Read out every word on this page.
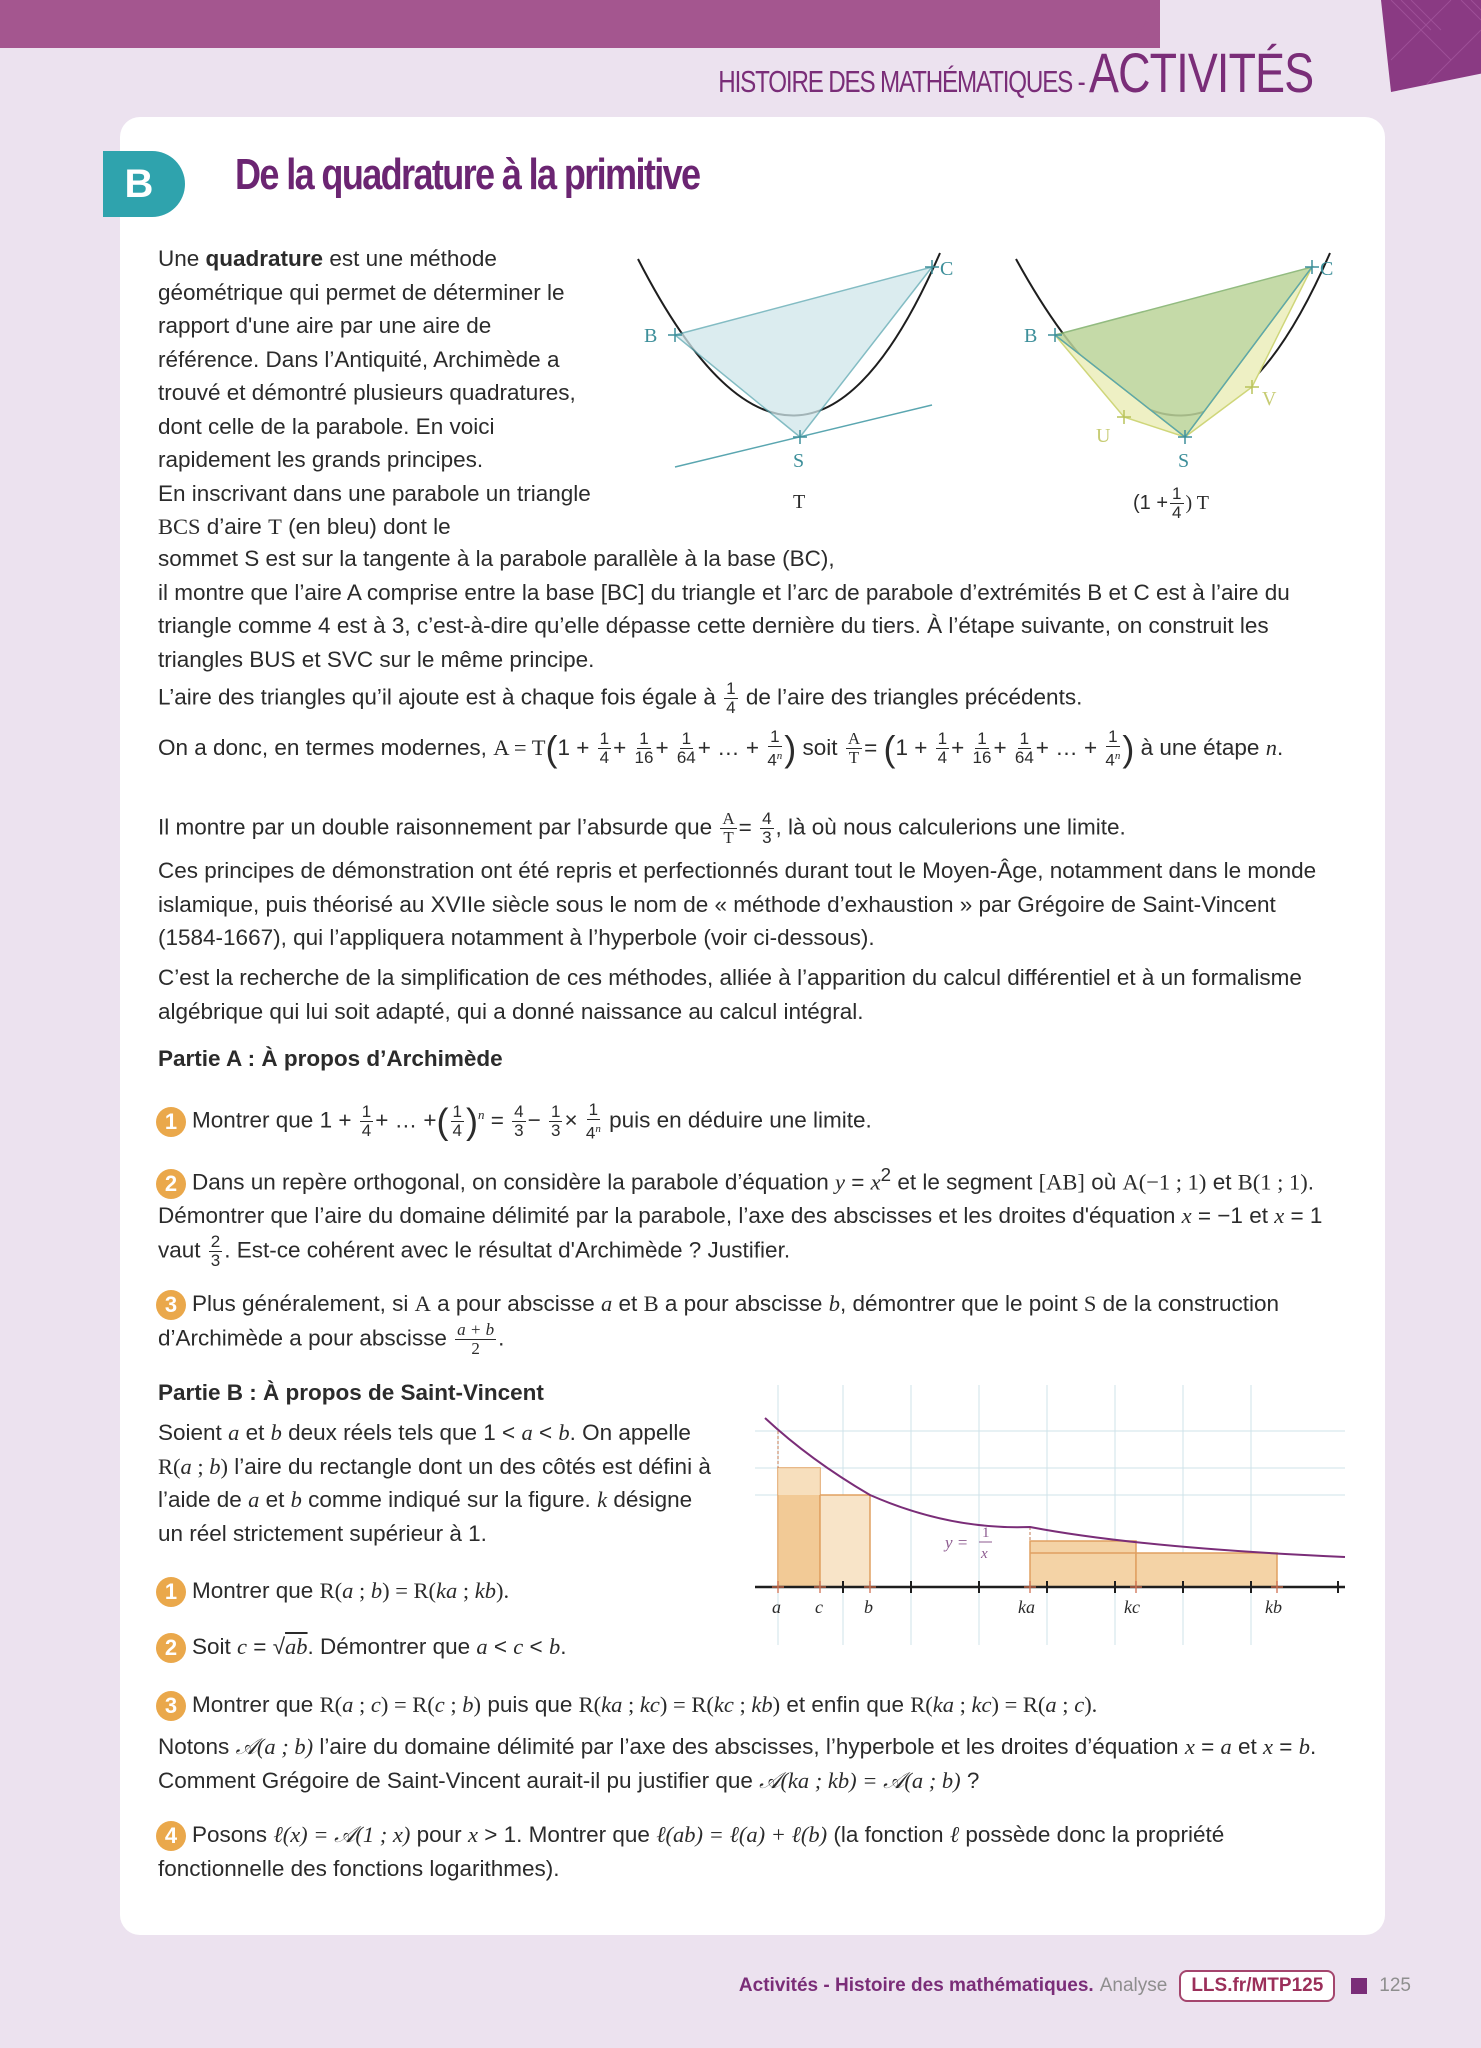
HISTOIRE DES MATHÉMATIQUES - ACTIVITÉS
B	De la quadrature à la primitive

Une quadrature est une méthode géométrique qui permet de déterminer le rapport d'une aire par une aire de référence. Dans l’Antiquité, Archimède a trouvé et démontré plusieurs quadratures, dont celle de la parabole. En voici rapidement les grands principes.

En inscrivant dans une parabole un triangle BCS d’aire T (en bleu) dont le

B
C
S
T
B
C
S
U
V
($1 + \frac{1}{4}$ ) T

sommet S est sur la tangente à la parabole parallèle à la base (BC),

il montre que l’aire A comprise entre la base [BC] du triangle et l’arc de parabole d’extrémités B et C est à l’aire du triangle comme 4 est à 3, c’est-à-dire qu’elle dépasse cette dernière du tiers. À l’étape suivante, on construit les triangles BUS et SVC sur le même principe.

L’aire des triangles qu’il ajoute est à chaque fois égale à $\frac{1}{4}$ de l’aire des triangles précédents.
On a donc, en termes modernes, $A = T(1 + \frac{1}{4} + \frac{1}{16} + \frac{1}{64}$ + … + $\frac{1}{4^n}$ ) soit $\frac{A}{T} = (1 + \frac{1}{4} + \frac{1}{16} + \frac{1}{64}$ + … + $\frac{1}{4^n}$ ) à une étape n.
Il montre par un double raisonnement par l’absurde que $\frac{A}{T} = \frac{4}{3}$ , là où nous calculerions une limite.
Ces principes de démonstration ont été repris et perfectionnés durant tout le Moyen-Âge, notamment dans le monde islamique, puis théorisé au XVIIe siècle sous le nom de « méthode d’exhaustion » par Grégoire de Saint-Vincent (1584-1667), qui l’appliquera notamment à l’hyperbole (voir ci-dessous).
C’est la recherche de la simplification de ces méthodes, alliée à l’apparition du calcul différentiel et à un formalisme algébrique qui lui soit adapté, qui a donné naissance au calcul intégral.
Partie A : À propos d’Archimède
1 Montrer que $1 + \frac{1}{4}$ + … +( $\frac{1}{4} )^n = \frac{4}{3} - \frac{1}{3} \times \frac{1}{4^n}$ puis en déduire une limite.
2 Dans un repère orthogonal, on considère la parabole d’équation $y = x^2$ et le segment [AB] où A(−1 ; 1) et B(1 ; 1). Démontrer que l’aire du domaine délimité par la parabole, l’axe des abscisses et les droites d'équation x = −1 et x = 1 vaut $\frac{2}{3}$ . Est-ce cohérent avec le résultat d'Archimède ? Justifier.
3 Plus généralement, si A a pour abscisse a et B a pour abscisse b, démontrer que le point S de la construction d’Archimède a pour abscisse $\frac{a + b}{2}$ .
Partie B : À propos de Saint-Vincent
Soient a et b deux réels tels que 1 < a < b. On appelle R(a ; b) l’aire du rectangle dont un des côtés est défini à l’aide de a et b comme indiqué sur la figure. k désigne un réel strictement supérieur à 1.
a c b	ka	kc	kb
y = 1
x
1 Montrer que R(a ; b) = R(ka ; kb).
2 Soit c = √ab. Démontrer que a < c < b.
3 Montrer que R(a ; c) = R(c ; b) puis que R(ka ; kc) = R(kc ; kb) et enfin que R(ka ; kc) = R(a ; c).
Notons 𝒜(a ; b) l’aire du domaine délimité par l’axe des abscisses, l’hyperbole et les droites d’équation x = a et x = b. Comment Grégoire de Saint-Vincent aurait-il pu justifier que 𝒜(ka ; kb) = 𝒜(a ; b) ?
4 Posons ℓ(x) = 𝒜(1 ; x) pour x > 1. Montrer que ℓ(ab) = ℓ(a) + ℓ(b) (la fonction ℓ possède donc la propriété fonctionnelle des fonctions logarithmes).
Activités - Histoire des mathématiques. Analyse	LLS.fr/MTP125	125
